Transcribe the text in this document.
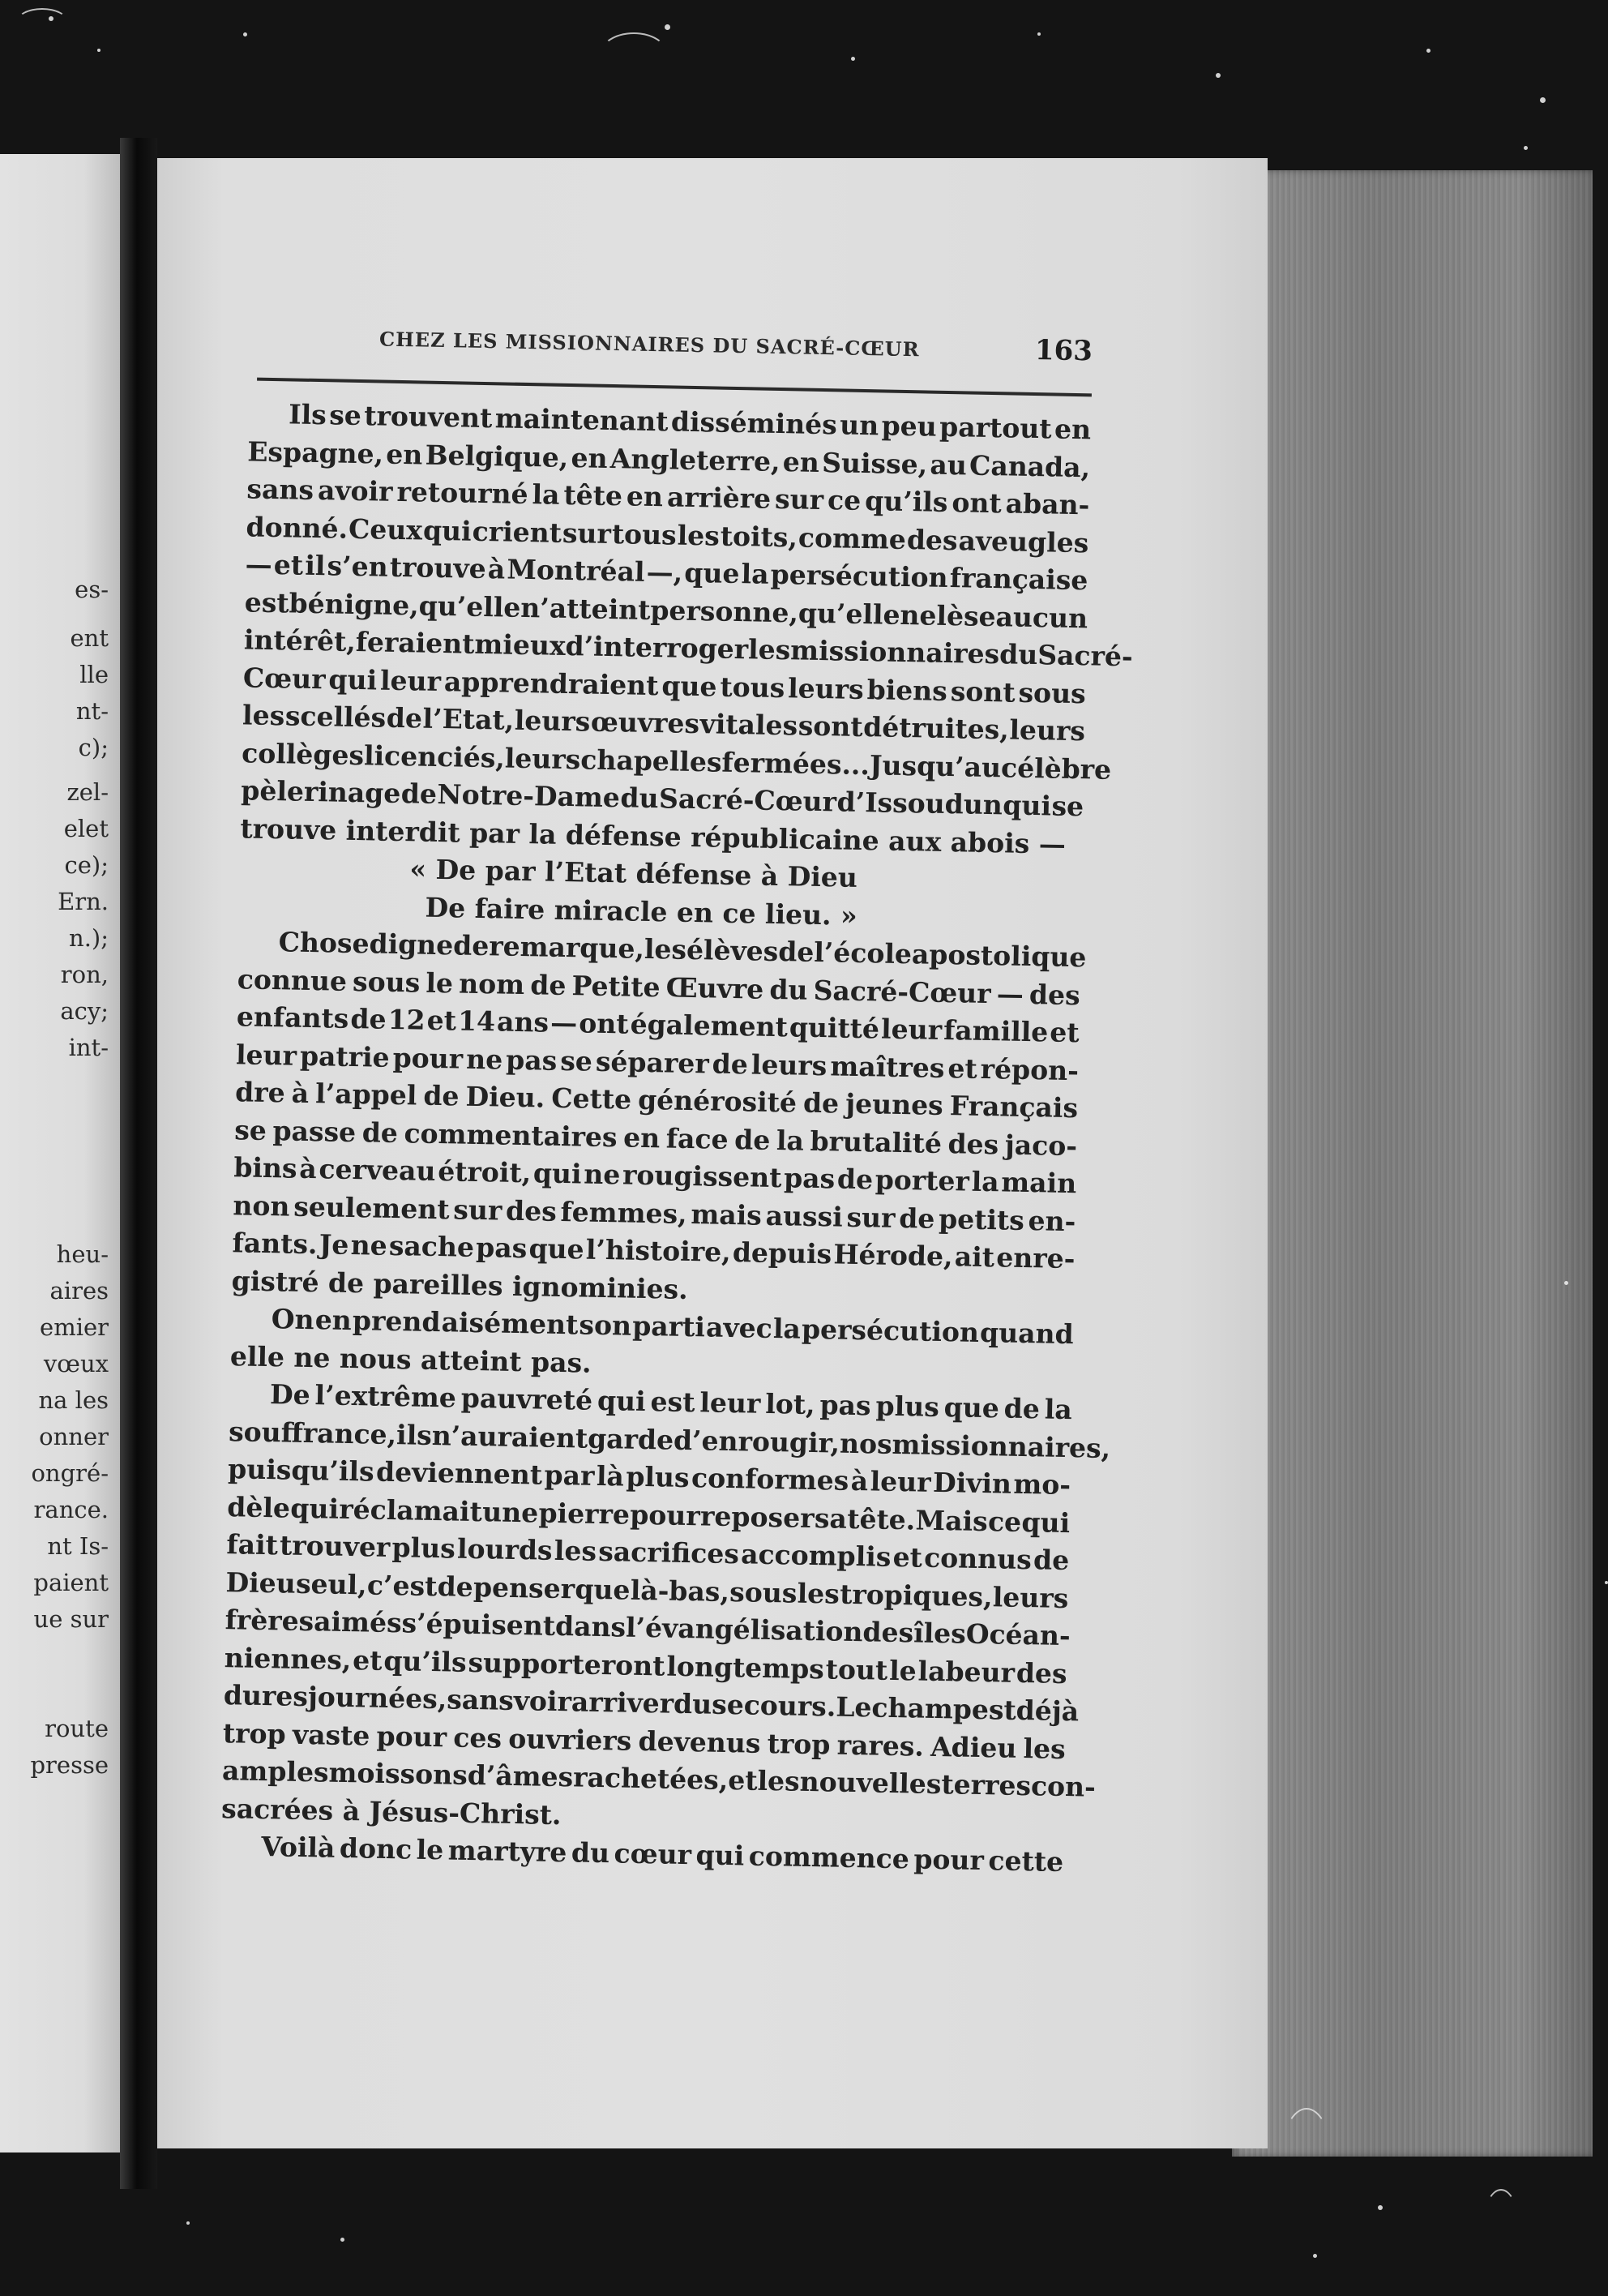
es-
ent
lle
nt-
c);
zel-
elet
ce);
Ern.
n.);
ron,
acy;
int-
heu-
aires
emier
vœux
na les
onner
ongré-
rance.
nt Is-
paient
ue sur
route
presse
CHEZ LES MISSIONNAIRES DU SACRÉ-CŒUR	163
Ils se trouvent maintenant disséminés un peu partout en
Espagne, en Belgique, en Angleterre, en Suisse, au Canada,
sans avoir retourné la tête en arrière sur ce qu’ils ont aban-
donné. Ceux qui crient sur tous les toits, comme des aveugles
— et il s’en trouve à Montréal —, que la persécution française
est bénigne, qu’elle n’atteint personne, qu’elle ne lèse aucun
intérêt, feraient mieux d’interroger les missionnaires du Sacré-
Cœur qui leur apprendraient que tous leurs biens sont sous
les scellés de l’Etat, leurs œuvres vitales sont détruites, leurs
collèges licenciés, leurs chapelles fermées... Jusqu’au célèbre
pèlerinage de Notre-Dame du Sacré-Cœur d’Issoudun qui se
trouve interdit par la défense républicaine aux abois —
« De par l’Etat défense à Dieu
De faire miracle en ce lieu. »
Chose digne de remarque, les élèves de l’école apostolique
connue sous le nom de Petite Œuvre du Sacré-Cœur — des
enfants de 12 et 14 ans — ont également quitté leur famille et
leur patrie pour ne pas se séparer de leurs maîtres et répon-
dre à l’appel de Dieu. Cette générosité de jeunes Français
se passe de commentaires en face de la brutalité des jaco-
bins à cerveau étroit, qui ne rougissent pas de porter la main
non seulement sur des femmes, mais aussi sur de petits en-
fants. Je ne sache pas que l’histoire, depuis Hérode, ait enre-
gistré de pareilles ignominies.
On en prend aisément son parti avec la persécution quand
elle ne nous atteint pas.
De l’extrême pauvreté qui est leur lot, pas plus que de la
souffrance, ils n’auraient garde d’en rougir, nos missionnaires,
puisqu’ils deviennent par là plus conformes à leur Divin mo-
dèle qui réclamait une pierre pour reposer sa tête. Mais ce qui
fait trouver plus lourds les sacrifices accomplis et connus de
Dieu seul, c’est de penser que là-bas, sous les tropiques, leurs
frères aimés s’épuisent dans l’évangélisation des îles Océan-
niennes, et qu’ils supporteront longtemps tout le labeur des
dures journées, sans voir arriver du secours. Le champ est déjà
trop vaste pour ces ouvriers devenus trop rares. Adieu les
amples moissons d’âmes rachetées, et les nouvelles terres con-
sacrées à Jésus-Christ.
Voilà donc le martyre du cœur qui commence pour cette
